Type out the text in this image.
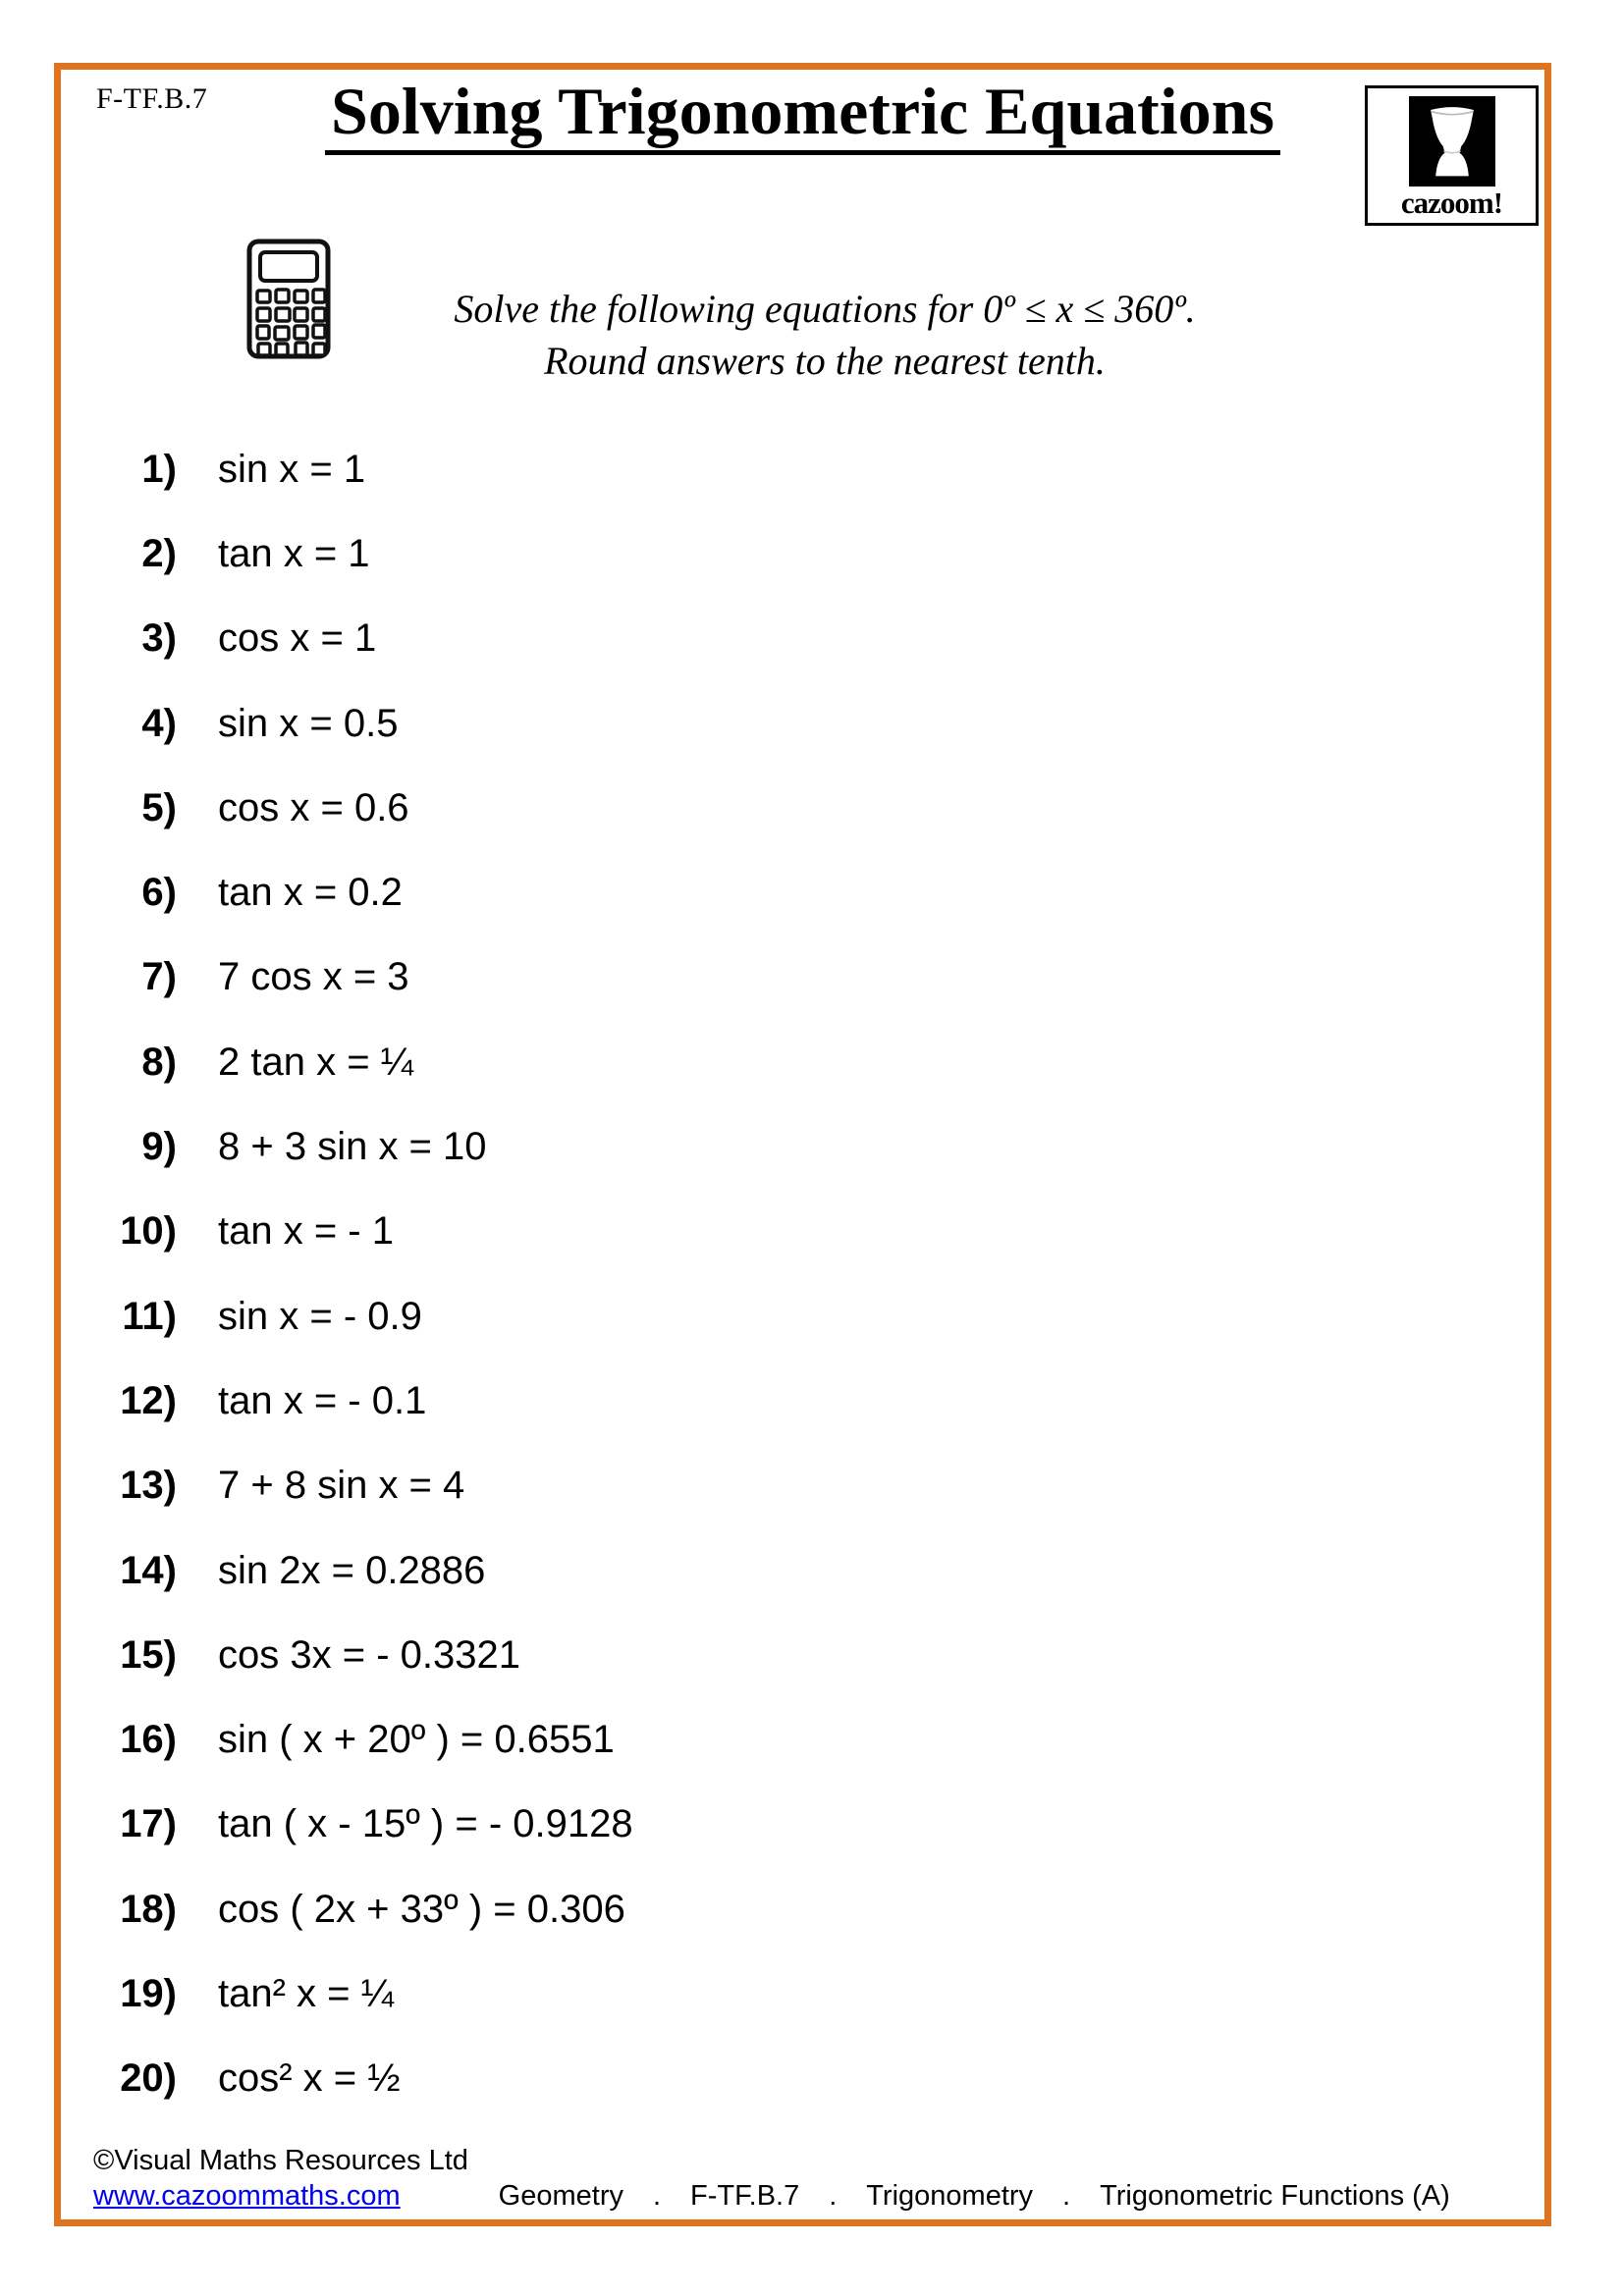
F-TF.B.7	Solving Trigonometric Equations
cazoom!
Solve the following equations for 0º ≤ x ≤ 360º.
Round answers to the nearest tenth.
1) sin x = 1
2) tan x = 1
3) cos x = 1
4) sin x = 0.5
5) cos x = 0.6
6) tan x = 0.2
7) 7 cos x = 3
8) 2 tan x = ¼
9) 8 + 3 sin x = 10
10) tan x = - 1
11) sin x = - 0.9
12) tan x = - 0.1
13) 7 + 8 sin x = 4
14) sin 2x = 0.2886
15) cos 3x = - 0.3321
16) sin ( x + 20º ) = 0.6551
17) tan ( x - 15º ) = - 0.9128
18) cos ( 2x + 33º ) = 0.306
19) tan² x = ¼
20) cos² x = ½
©Visual Maths Resources Ltd
www.cazoommaths.com	Geometry . F-TF.B.7 . Trigonometry . Trigonometric Functions (A)
